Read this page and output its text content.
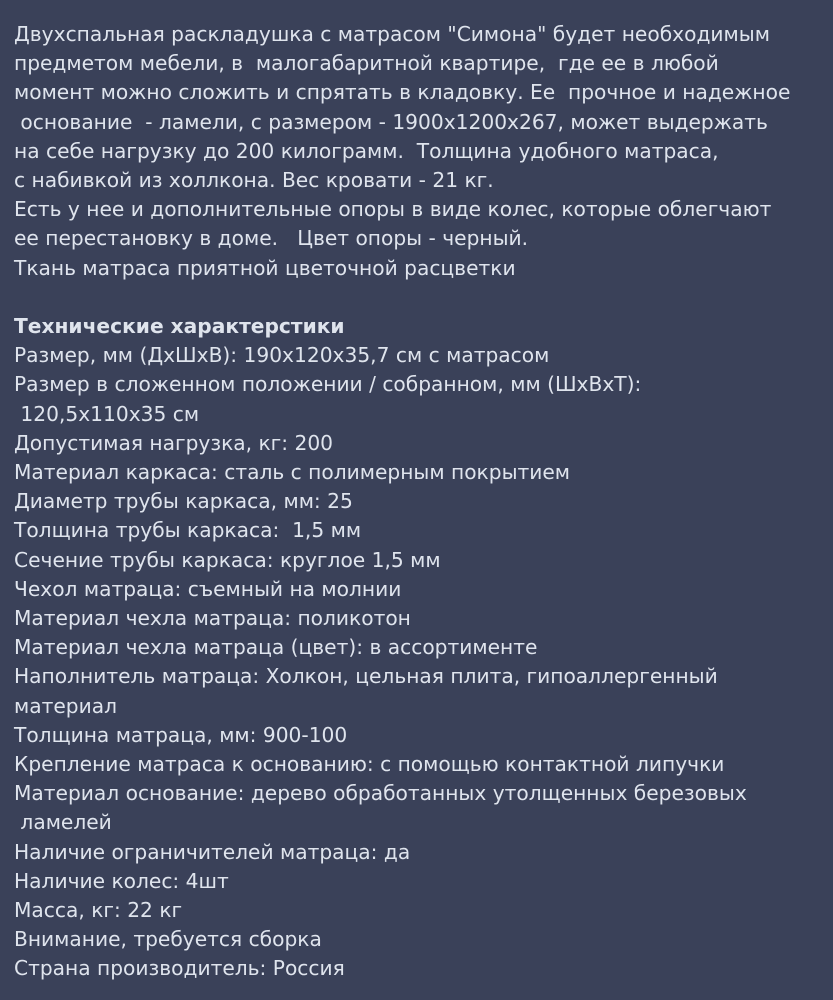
Двухспальная раскладушка с матрасом "Симона" будет необходимым
предметом мебели, в  малогабаритной квартире,  где ее в любой
момент можно сложить и спрятать в кладовку. Ее  прочное и надежное
основание  - ламели, с размером - 1900х1200х267, может выдержать
на себе нагрузку до 200 килограмм.  Толщина удобного матраса,
с набивкой из холлкона. Вес кровати - 21 кг.
Есть у нее и дополнительные опоры в виде колес, которые облегчают
ее перестановку в доме.   Цвет опоры - черный.
Ткань матраса приятной цветочной расцветки
Технические характерстики
Размер, мм (ДхШхВ): 190х120х35,7 см с матрасом
Размер в сложенном положении / собранном, мм (ШхВхТ):
120,5х110х35 см
Допустимая нагрузка, кг: 200
Материал каркаса: сталь с полимерным покрытием
Диаметр трубы каркаса, мм: 25
Толщина трубы каркаса:  1,5 мм
Сечение трубы каркаса: круглое 1,5 мм
Чехол матраца: съемный на молнии
Материал чехла матраца: поликотон
Материал чехла матраца (цвет): в ассортименте
Наполнитель матраца: Холкон, цельная плита, гипоаллергенный
материал
Толщина матраца, мм: 900-100
Крепление матраса к основанию: с помощью контактной липучки
Материал основание: дерево обработанных утолщенных березовых
ламелей
Наличие ограничителей матраца: да
Наличие колес: 4шт
Масса, кг: 22 кг
Внимание, требуется сборка
Страна производитель: Россия
